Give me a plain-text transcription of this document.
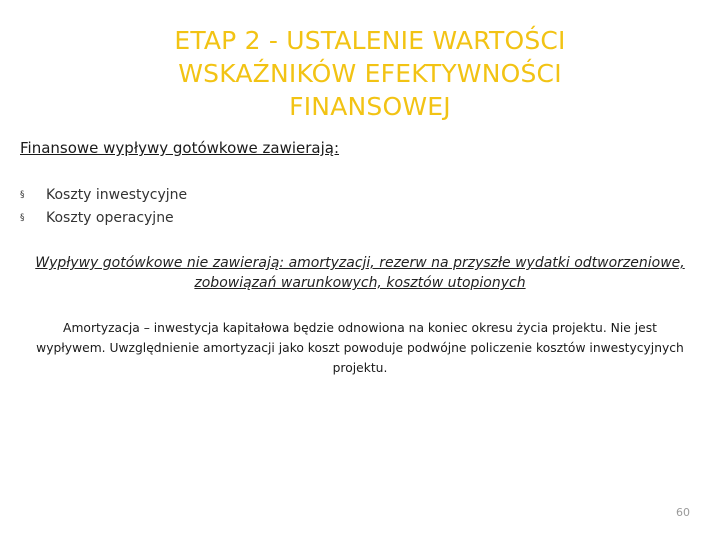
ETAP 2 - USTALENIE WARTOŚCI
WSKAŹNIKÓW EFEKTYWNOŚCI
FINANSOWEJ
Finansowe wypływy gotówkowe zawierają:
§	Koszty inwestycyjne
§	Koszty operacyjne
Wypływy gotówkowe nie zawierają: amortyzacji, rezerw na przyszłe wydatki odtworzeniowe, zobowiązań warunkowych, kosztów utopionych
Amortyzacja – inwestycja kapitałowa będzie odnowiona na koniec okresu życia projektu. Nie jest wypływem. Uwzględnienie amortyzacji jako koszt powoduje podwójne policzenie kosztów inwestycyjnych projektu.
60
